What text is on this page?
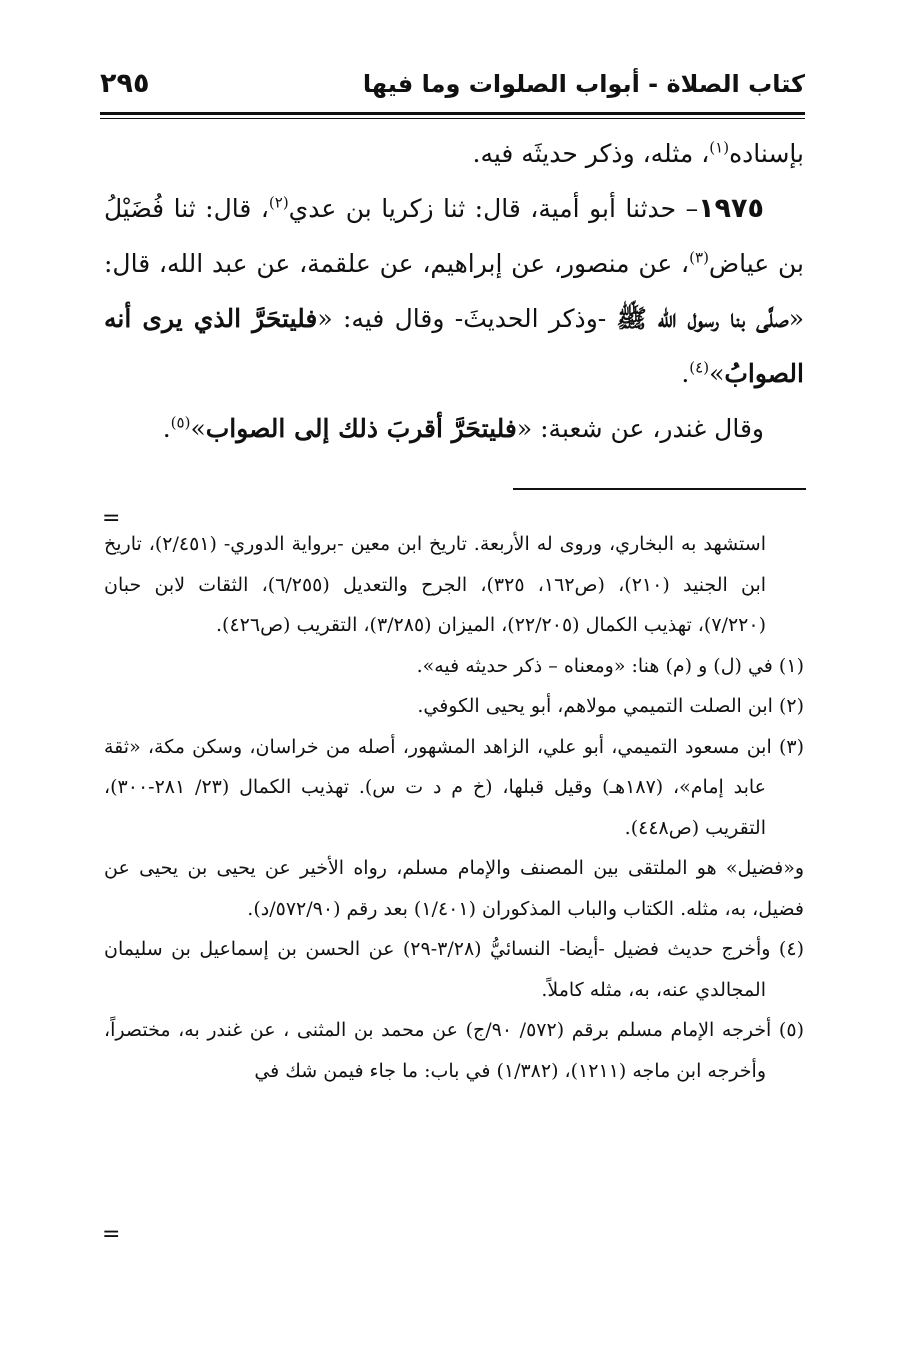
كتاب الصلاة - أبواب الصلوات وما فيها
٢٩٥

بإسناده$^{(١)}$، مثله، وذكر حديثَه فيه.

١٩٧٥– حدثنا أبو أمية، قال: ثنا زكريا بن عدي$^{(٢)}$، قال: ثنا فُضَيْلُ بن عياض$^{(٣)}$، عن منصور، عن إبراهيم، عن علقمة، عن عبد الله، قال: «صلَّى بنا رسول الله ﷺ -وذكر الحديثَ- وقال فيه: «فليتحَرَّ الذي يرى أنه الصوابُ»$^{(٤)}$.

وقال غندر، عن شعبة: «فليتحَرَّ أقربَ ذلك إلى الصواب»$^{(٥)}$.

=

استشهد به البخاري، وروى له الأربعة. تاريخ ابن معين -برواية الدوري- (٢/٤٥١)، تاريخ ابن الجنيد (٢١٠)، (ص١٦٢، ٣٢٥)، الجرح والتعديل (٦/٢٥٥)، الثقات لابن حبان (٧/٢٢٠)، تهذيب الكمال (٢٢/٢٠٥)، الميزان (٣/٢٨٥)، التقريب (ص٤٢٦).

(١) في (ل) و (م) هنا: «ومعناه – ذكر حديثه فيه».

(٢) ابن الصلت التميمي مولاهم، أبو يحيى الكوفي.

(٣) ابن مسعود التميمي، أبو علي، الزاهد المشهور، أصله من خراسان، وسكن مكة، «ثقة عابد إمام»، (١٨٧هـ) وقيل قبلها، (خ م د ت س). تهذيب الكمال (٢٣/ ٢٨١-٣٠٠)، التقريب (ص٤٤٨).

و«فضيل» هو الملتقى بين المصنف والإمام مسلم، رواه الأخير عن يحيى بن يحيى عن فضيل، به، مثله. الكتاب والباب المذكوران (١/٤٠١) بعد رقم (٥٧٢/٩٠/د).

(٤) وأخرج حديث فضيل -أيضا- النسائيُّ (٣/٢٨-٢٩) عن الحسن بن إسماعيل بن سليمان المجالدي عنه، به، مثله كاملاً.

(٥) أخرجه الإمام مسلم برقم (٥٧٢/ ٩٠/ج) عن محمد بن المثنى ، عن غندر به، مختصراً، وأخرجه ابن ماجه (١٢١١)، (١/٣٨٢) في باب: ما جاء فيمن شك في

=
